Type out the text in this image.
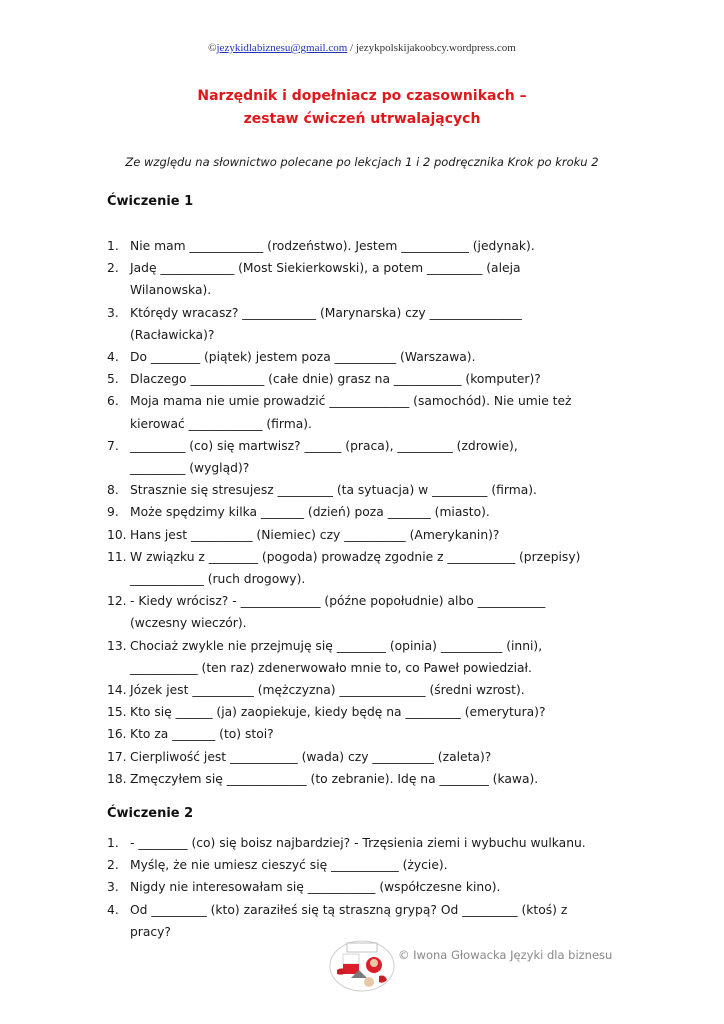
©jezykidlabiznesu@gmail.com / jezykpolskijakoobcy.wordpress.com
Narzędnik i dopełniacz po czasownikach –
zestaw ćwiczeń utrwalających
Ze względu na słownictwo polecane po lekcjach 1 i 2 podręcznika Krok po kroku 2
Ćwiczenie 1
1. Nie mam ____________ (rodzeństwo). Jestem ___________ (jedynak).
2. Jadę ____________ (Most Siekierkowski), a potem _________ (aleja
Wilanowska).
3. Którędy wracasz? ____________ (Marynarska) czy _______________
(Racławicka)?
4. Do ________ (piątek) jestem poza __________ (Warszawa).
5. Dlaczego ____________ (całe dnie) grasz na ___________ (komputer)?
6. Moja mama nie umie prowadzić _____________ (samochód). Nie umie też
kierować ____________ (firma).
7. _________ (co) się martwisz? ______ (praca), _________ (zdrowie),
_________ (wygląd)?
8. Strasznie się stresujesz _________ (ta sytuacja) w _________ (firma).
9. Może spędzimy kilka _______ (dzień) poza _______ (miasto).
10. Hans jest __________ (Niemiec) czy __________ (Amerykanin)?
11. W związku z ________ (pogoda) prowadzę zgodnie z ___________ (przepisy)
____________ (ruch drogowy).
12. - Kiedy wrócisz? - _____________ (późne popołudnie) albo ___________
(wczesny wieczór).
13. Chociaż zwykle nie przejmuję się ________ (opinia) __________ (inni),
___________ (ten raz) zdenerwowało mnie to, co Paweł powiedział.
14. Józek jest __________ (mężczyzna) ______________ (średni wzrost).
15. Kto się ______ (ja) zaopiekuje, kiedy będę na _________ (emerytura)?
16. Kto za _______ (to) stoi?
17. Cierpliwość jest ___________ (wada) czy __________ (zaleta)?
18. Zmęczyłem się _____________ (to zebranie). Idę na ________ (kawa).
Ćwiczenie 2
1. - ________ (co) się boisz najbardziej? - Trzęsienia ziemi i wybuchu wulkanu.
2. Myślę, że nie umiesz cieszyć się ___________ (życie).
3. Nigdy nie interesowałam się ___________ (współczesne kino).
4. Od _________ (kto) zaraziłeś się tą straszną grypą? Od _________ (ktoś) z
pracy?
© Iwona Głowacka Języki dla biznesu
